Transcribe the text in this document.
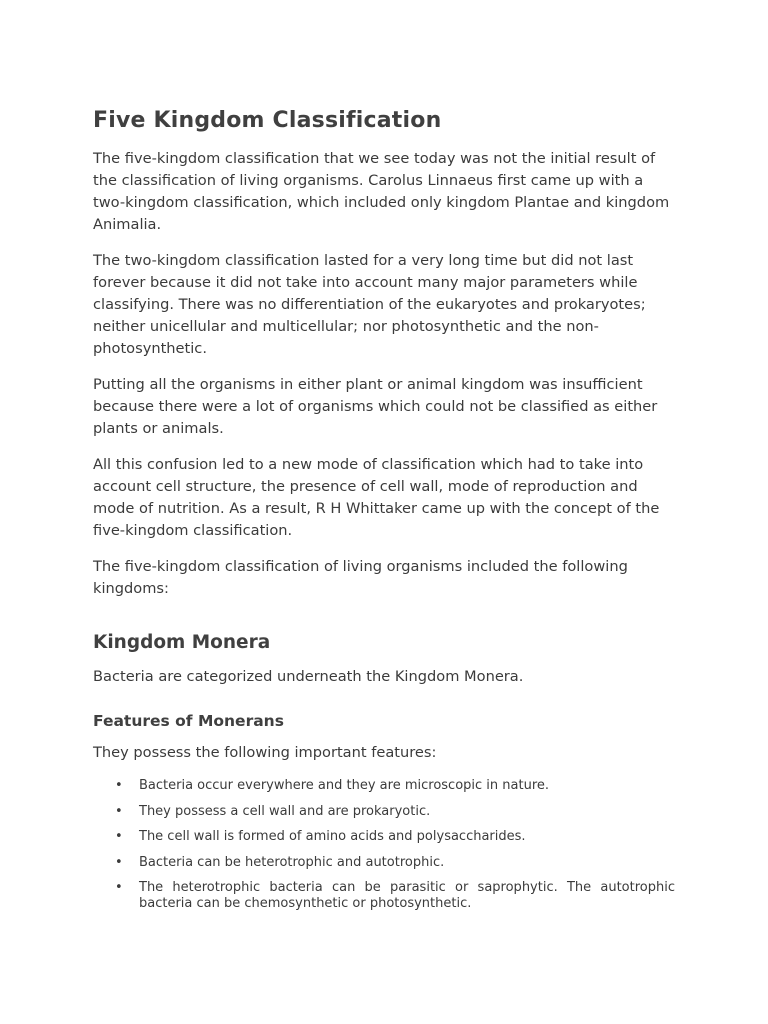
Five Kingdom Classification

The five-kingdom classification that we see today was not the initial result of the classification of living organisms. Carolus Linnaeus first came up with a two-kingdom classification, which included only kingdom Plantae and kingdom Animalia.

The two-kingdom classification lasted for a very long time but did not last forever because it did not take into account many major parameters while classifying. There was no differentiation of the eukaryotes and prokaryotes; neither unicellular and multicellular; nor photosynthetic and the non-photosynthetic.

Putting all the organisms in either plant or animal kingdom was insufficient because there were a lot of organisms which could not be classified as either plants or animals.

All this confusion led to a new mode of classification which had to take into account cell structure, the presence of cell wall, mode of reproduction and mode of nutrition. As a result, R H Whittaker came up with the concept of the five-kingdom classification.

The five-kingdom classification of living organisms included the following kingdoms:

Kingdom Monera

Bacteria are categorized underneath the Kingdom Monera.

Features of Monerans

They possess the following important features:

• Bacteria occur everywhere and they are microscopic in nature.
• They possess a cell wall and are prokaryotic.
• The cell wall is formed of amino acids and polysaccharides.
• Bacteria can be heterotrophic and autotrophic.
• The heterotrophic bacteria can be parasitic or saprophytic. The autotrophic bacteria can be chemosynthetic or photosynthetic.
